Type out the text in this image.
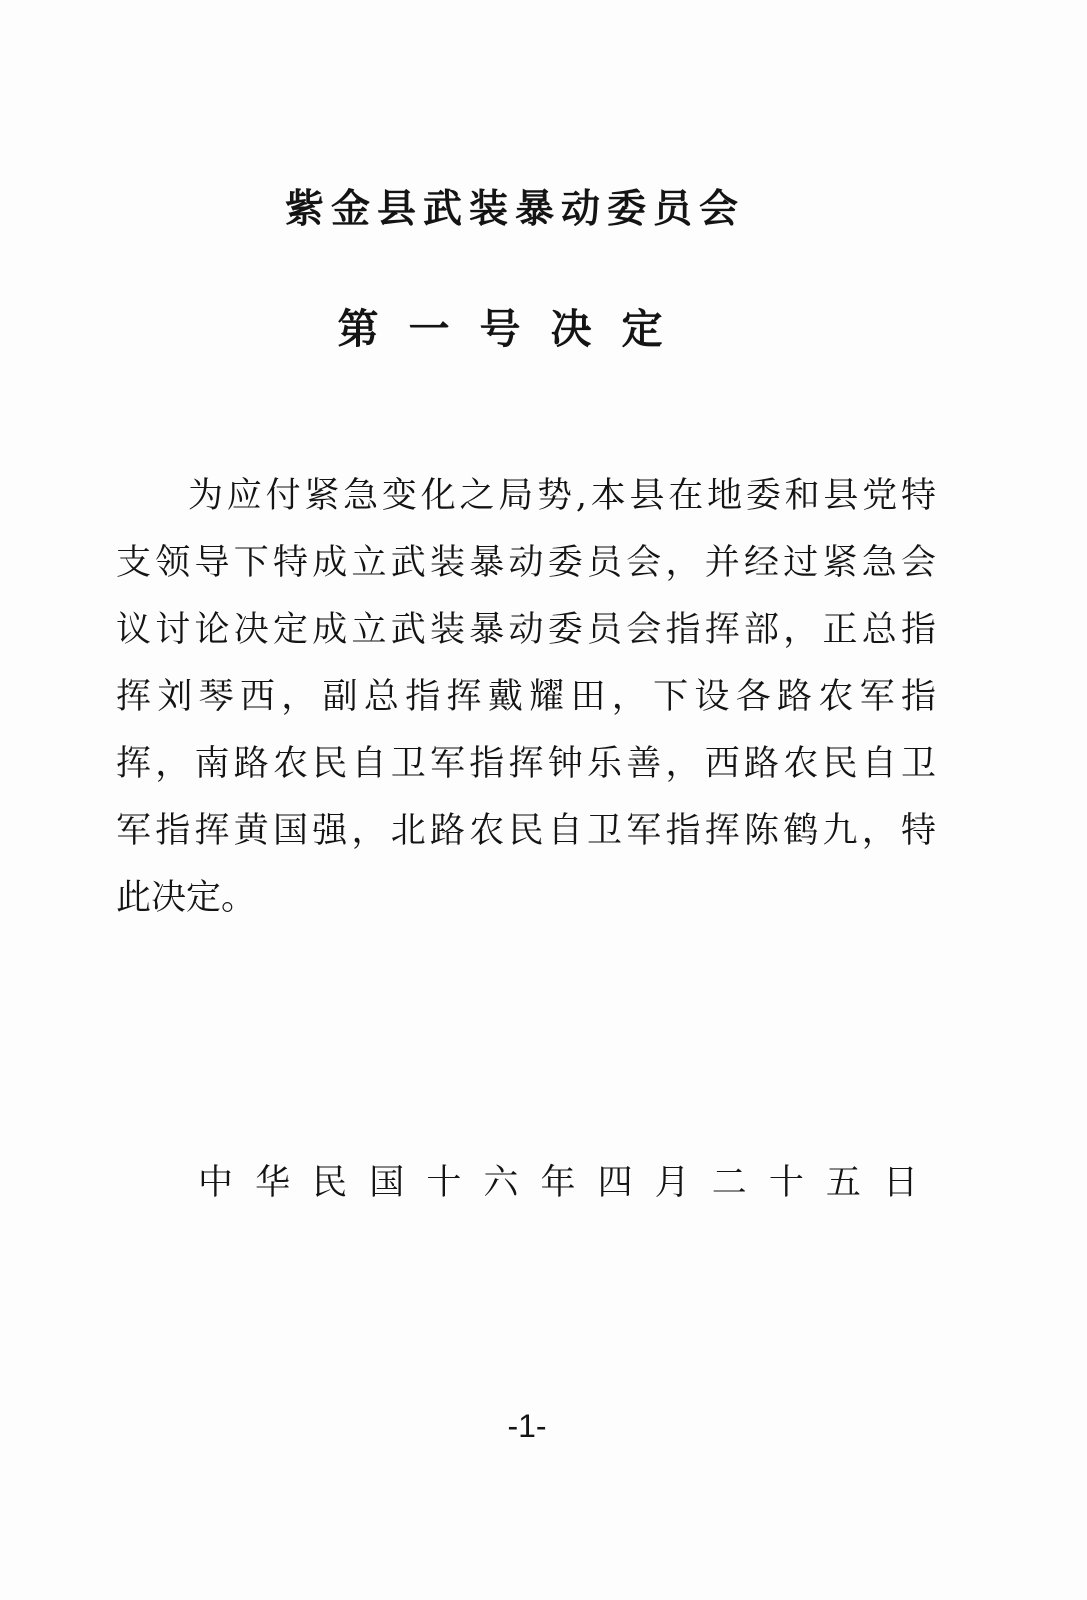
紫金县武装暴动委员会
第一号决定

为应付紧急变化之局势,本县在地委和县党特

支领导下特成立武装暴动委员会，并经过紧急会

议讨论决定成立武装暴动委员会指挥部，正总指

挥刘琴西，副总指挥戴耀田，下设各路农军指

挥，南路农民自卫军指挥钟乐善，西路农民自卫

军指挥黄国强，北路农民自卫军指挥陈鹤九，特

此决定。

中华民国十六年四月二十五日

-1-
